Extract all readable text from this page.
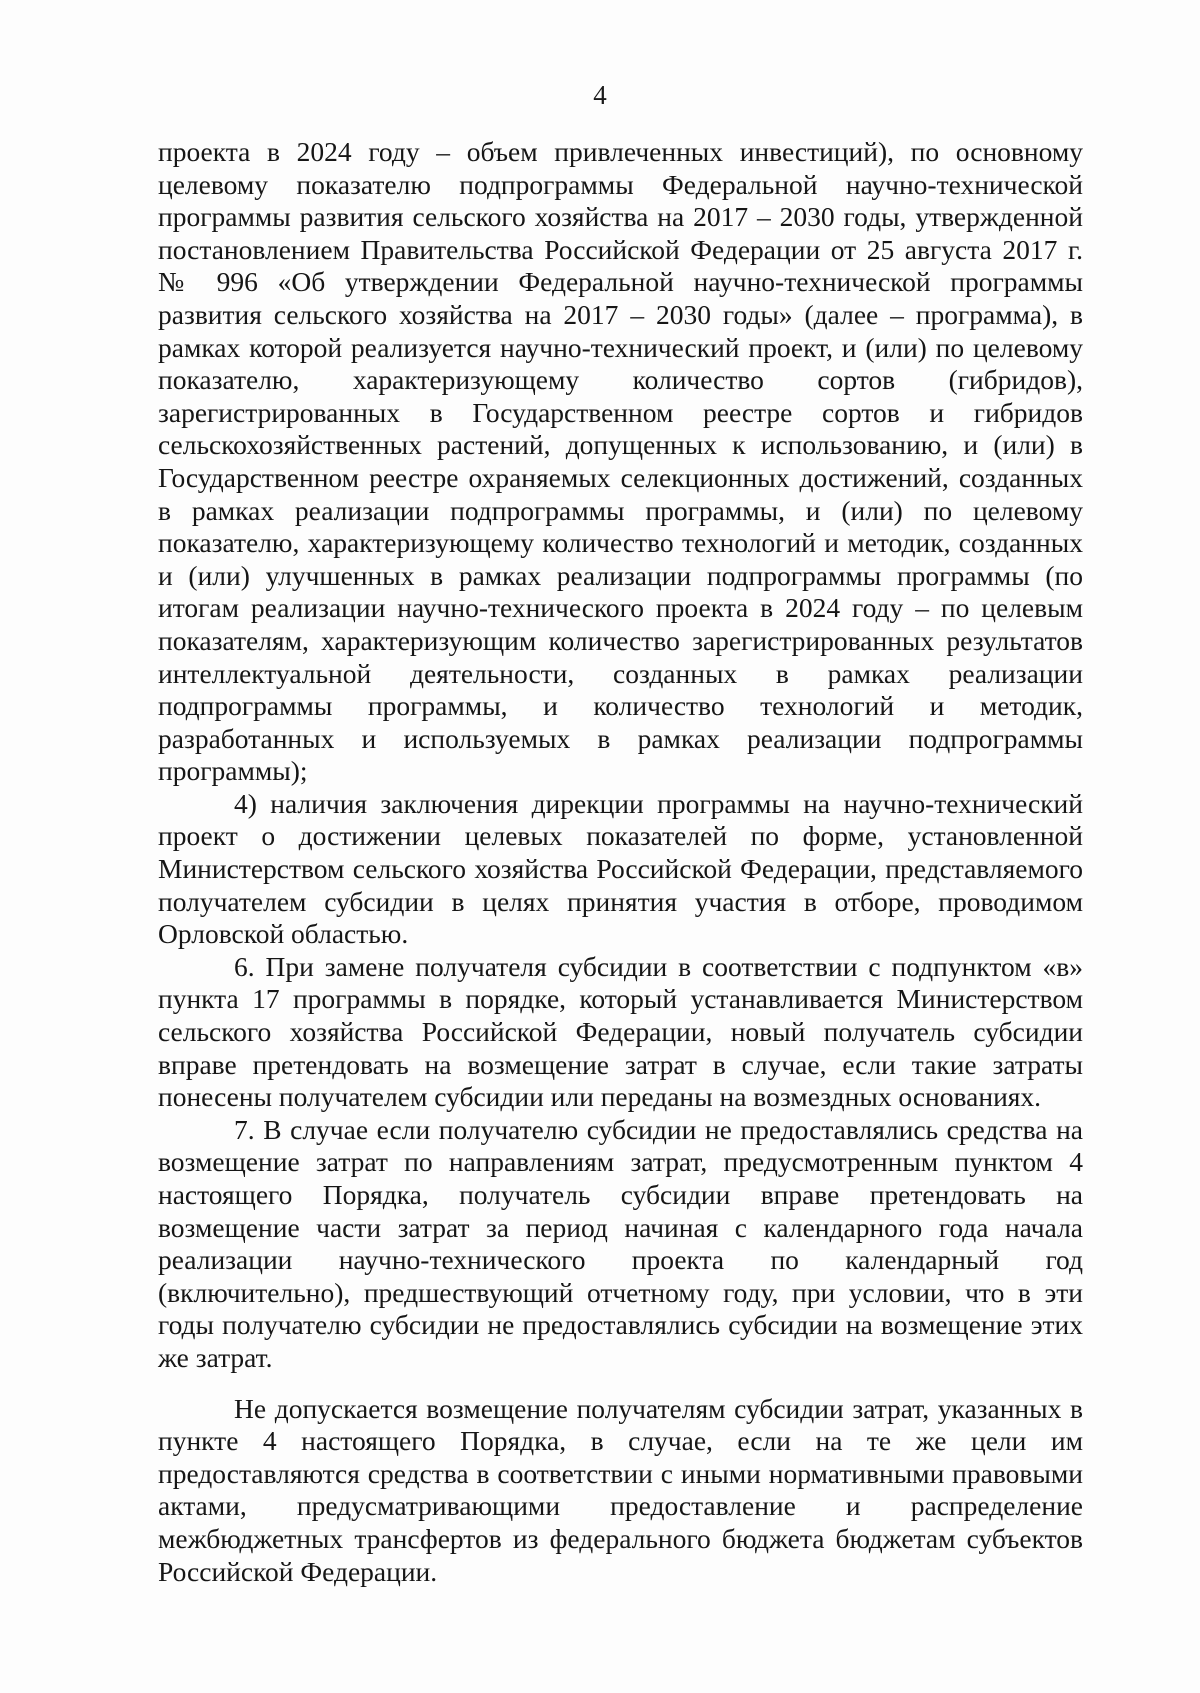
4

проекта в 2024 году – объем привлеченных инвестиций), по основному целевому показателю подпрограммы Федеральной научно-технической программы развития сельского хозяйства на 2017 – 2030 годы, утвержденной постановлением Правительства Российской Федерации от 25 августа 2017 г. № 996 «Об утверждении Федеральной научно-технической программы развития сельского хозяйства на 2017 – 2030 годы» (далее – программа), в рамках которой реализуется научно-технический проект, и (или) по целевому показателю, характеризующему количество сортов (гибридов), зарегистрированных в Государственном реестре сортов и гибридов сельскохозяйственных растений, допущенных к использованию, и (или) в Государственном реестре охраняемых селекционных достижений, созданных в рамках реализации подпрограммы программы, и (или) по целевому показателю, характеризующему количество технологий и методик, созданных и (или) улучшенных в рамках реализации подпрограммы программы (по итогам реализации научно-технического проекта в 2024 году – по целевым показателям, характеризующим количество зарегистрированных результатов интеллектуальной деятельности, созданных в рамках реализации подпрограммы программы, и количество технологий и методик, разработанных и используемых в рамках реализации подпрограммы программы);

4) наличия заключения дирекции программы на научно-технический проект о достижении целевых показателей по форме, установленной Министерством сельского хозяйства Российской Федерации, представляемого получателем субсидии в целях принятия участия в отборе, проводимом Орловской областью.

6. При замене получателя субсидии в соответствии с подпунктом «в» пункта 17 программы в порядке, который устанавливается Министерством сельского хозяйства Российской Федерации, новый получатель субсидии вправе претендовать на возмещение затрат в случае, если такие затраты понесены получателем субсидии или переданы на возмездных основаниях.

7. В случае если получателю субсидии не предоставлялись средства на возмещение затрат по направлениям затрат, предусмотренным пунктом 4 настоящего Порядка, получатель субсидии вправе претендовать на возмещение части затрат за период начиная с календарного года начала реализации научно-технического проекта по календарный год (включительно), предшествующий отчетному году, при условии, что в эти годы получателю субсидии не предоставлялись субсидии на возмещение этих же затрат.

Не допускается возмещение получателям субсидии затрат, указанных в пункте 4 настоящего Порядка, в случае, если на те же цели им предоставляются средства в соответствии с иными нормативными правовыми актами, предусматривающими предоставление и распределение межбюджетных трансфертов из федерального бюджета бюджетам субъектов Российской Федерации.
